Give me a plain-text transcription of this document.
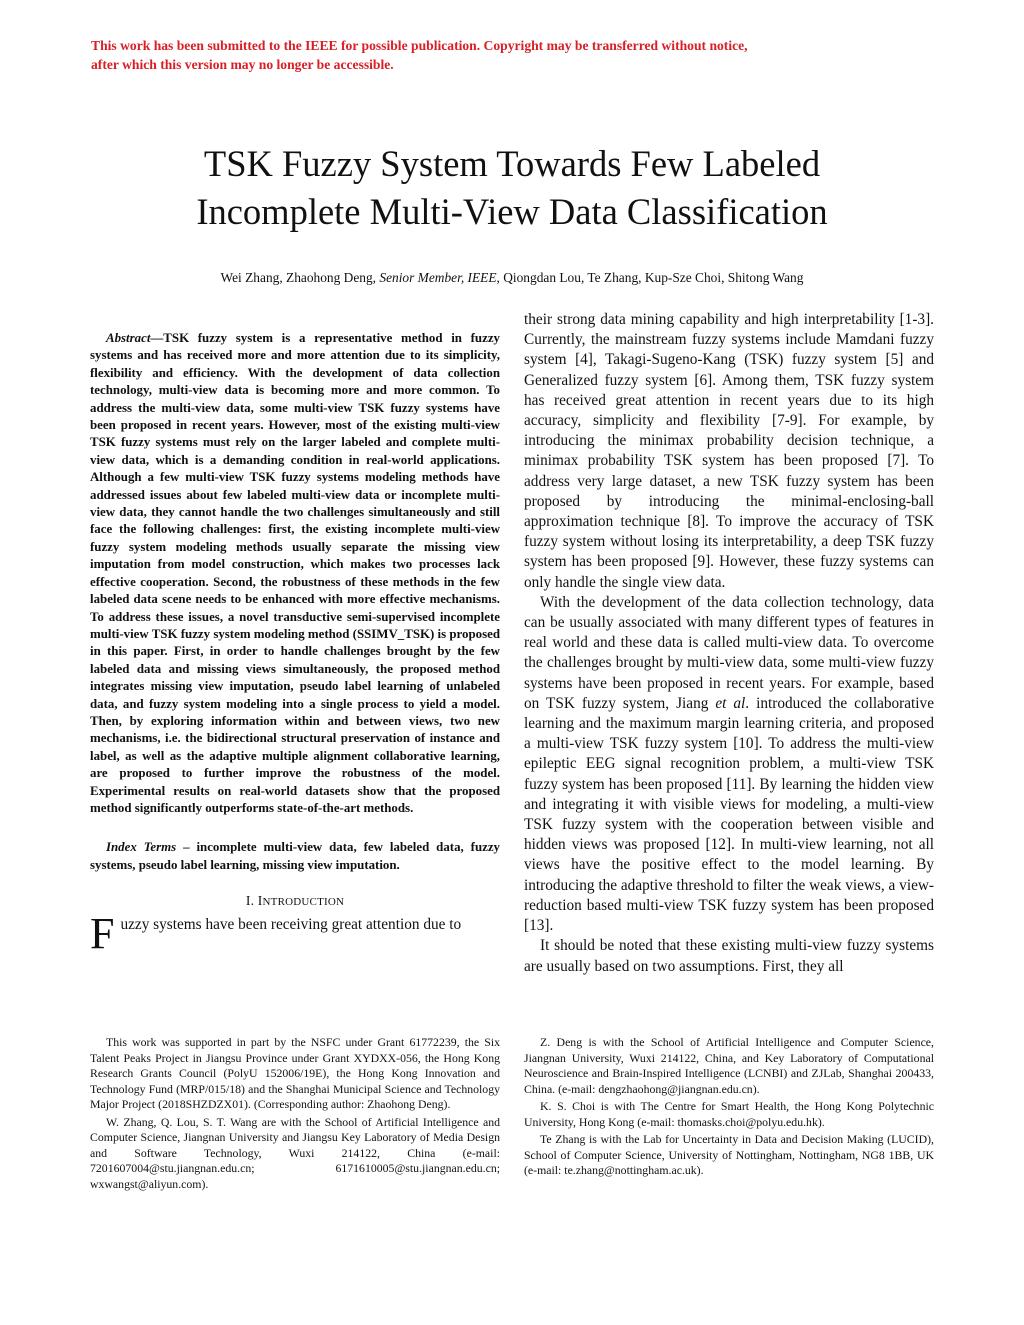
This work has been submitted to the IEEE for possible publication. Copyright may be transferred without notice,
after which this version may no longer be accessible.
TSK Fuzzy System Towards Few Labeled
Incomplete Multi-View Data Classification
Wei Zhang, Zhaohong Deng, Senior Member, IEEE, Qiongdan Lou, Te Zhang, Kup-Sze Choi, Shitong Wang

Abstract—TSK fuzzy system is a representative method in fuzzy systems and has received more and more attention due to its simplicity, flexibility and efficiency. With the development of data collection technology, multi-view data is becoming more and more common. To address the multi-view data, some multi-view TSK fuzzy systems have been proposed in recent years. However, most of the existing multi-view TSK fuzzy systems must rely on the larger labeled and complete multi-view data, which is a demanding condition in real-world applications. Although a few multi-view TSK fuzzy systems modeling methods have addressed issues about few labeled multi-view data or incomplete multi-view data, they cannot handle the two challenges simultaneously and still face the following challenges: first, the existing incomplete multi-view fuzzy system modeling methods usually separate the missing view imputation from model construction, which makes two processes lack effective cooperation. Second, the robustness of these methods in the few labeled data scene needs to be enhanced with more effective mechanisms. To address these issues, a novel transductive semi-supervised incomplete multi-view TSK fuzzy system modeling method (SSIMV_TSK) is proposed in this paper. First, in order to handle challenges brought by the few labeled data and missing views simultaneously, the proposed method integrates missing view imputation, pseudo label learning of unlabeled data, and fuzzy system modeling into a single process to yield a model. Then, by exploring information within and between views, two new mechanisms, i.e. the bidirectional structural preservation of instance and label, as well as the adaptive multiple alignment collaborative learning, are proposed to further improve the robustness of the model. Experimental results on real-world datasets show that the proposed method significantly outperforms state-of-the-art methods.

Index Terms – incomplete multi-view data, few labeled data, fuzzy systems, pseudo label learning, missing view imputation.

I. INTRODUCTION

Fuzzy systems have been receiving great attention due to

their strong data mining capability and high interpretability [1-3]. Currently, the mainstream fuzzy systems include Mamdani fuzzy system [4], Takagi-Sugeno-Kang (TSK) fuzzy system [5] and Generalized fuzzy system [6]. Among them, TSK fuzzy system has received great attention in recent years due to its high accuracy, simplicity and flexibility [7-9]. For example, by introducing the minimax probability decision technique, a minimax probability TSK system has been proposed [7]. To address very large dataset, a new TSK fuzzy system has been proposed by introducing the minimal-enclosing-ball approximation technique [8]. To improve the accuracy of TSK fuzzy system without losing its interpretability, a deep TSK fuzzy system has been proposed [9]. However, these fuzzy systems can only handle the single view data.

With the development of the data collection technology, data can be usually associated with many different types of features in real world and these data is called multi-view data. To overcome the challenges brought by multi-view data, some multi-view fuzzy systems have been proposed in recent years. For example, based on TSK fuzzy system, Jiang et al. introduced the collaborative learning and the maximum margin learning criteria, and proposed a multi-view TSK fuzzy system [10]. To address the multi-view epileptic EEG signal recognition problem, a multi-view TSK fuzzy system has been proposed [11]. By learning the hidden view and integrating it with visible views for modeling, a multi-view TSK fuzzy system with the cooperation between visible and hidden views was proposed [12]. In multi-view learning, not all views have the positive effect to the model learning. By introducing the adaptive threshold to filter the weak views, a view-reduction based multi-view TSK fuzzy system has been proposed [13].

It should be noted that these existing multi-view fuzzy systems are usually based on two assumptions. First, they all

This work was supported in part by the NSFC under Grant 61772239, the Six Talent Peaks Project in Jiangsu Province under Grant XYDXX-056, the Hong Kong Research Grants Council (PolyU 152006/19E), the Hong Kong Innovation and Technology Fund (MRP/015/18) and the Shanghai Municipal Science and Technology Major Project (2018SHZDZX01). (Corresponding author: Zhaohong Deng).

W. Zhang, Q. Lou, S. T. Wang are with the School of Artificial Intelligence and Computer Science, Jiangnan University and Jiangsu Key Laboratory of Media Design and Software Technology, Wuxi 214122, China (e-mail: 7201607004@stu.jiangnan.edu.cn; 6171610005@stu.jiangnan.edu.cn; wxwangst@aliyun.com).

Z. Deng is with the School of Artificial Intelligence and Computer Science, Jiangnan University, Wuxi 214122, China, and Key Laboratory of Computational Neuroscience and Brain-Inspired Intelligence (LCNBI) and ZJLab, Shanghai 200433, China. (e-mail: dengzhaohong@jiangnan.edu.cn).

K. S. Choi is with The Centre for Smart Health, the Hong Kong Polytechnic University, Hong Kong (e-mail: thomasks.choi@polyu.edu.hk).

Te Zhang is with the Lab for Uncertainty in Data and Decision Making (LUCID), School of Computer Science, University of Nottingham, Nottingham, NG8 1BB, UK (e-mail: te.zhang@nottingham.ac.uk).
